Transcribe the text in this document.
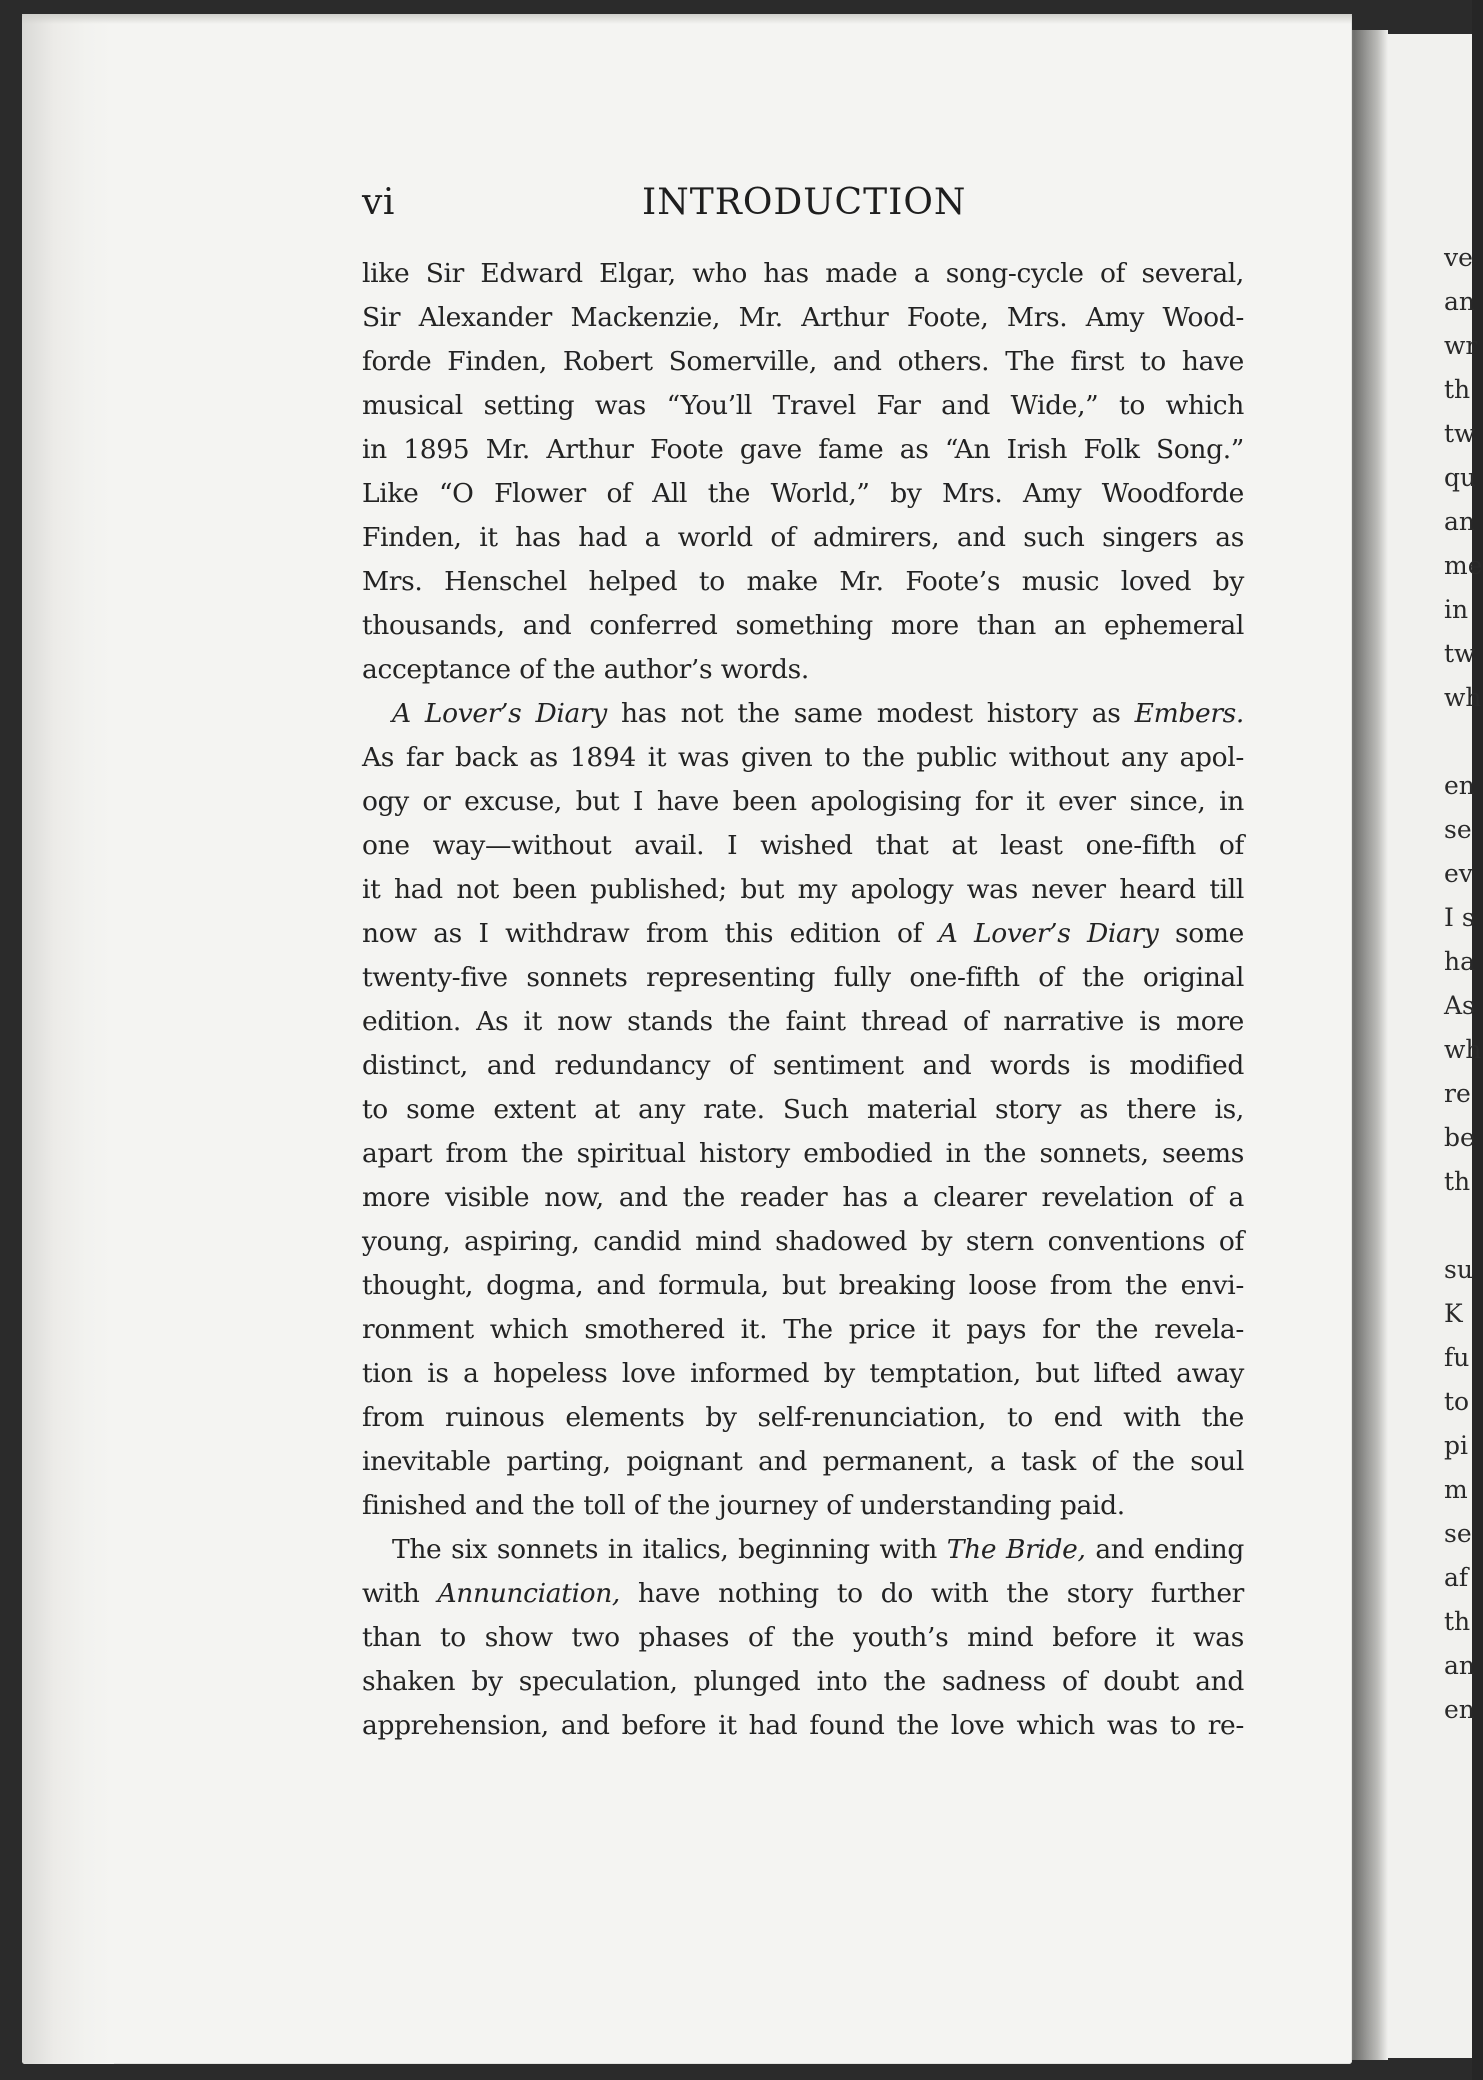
vi	INTRODUCTION
like Sir Edward Elgar, who has made a song-cycle of several,
Sir Alexander Mackenzie, Mr. Arthur Foote, Mrs. Amy Wood-
forde Finden, Robert Somerville, and others. The first to have
musical setting was “You’ll Travel Far and Wide,” to which
in 1895 Mr. Arthur Foote gave fame as “An Irish Folk Song.”
Like “O Flower of All the World,” by Mrs. Amy Woodforde
Finden, it has had a world of admirers, and such singers as
Mrs. Henschel helped to make Mr. Foote’s music loved by
thousands, and conferred something more than an ephemeral
acceptance of the author’s words.
A Lover’s Diary has not the same modest history as Embers.
As far back as 1894 it was given to the public without any apol-
ogy or excuse, but I have been apologising for it ever since, in
one way—without avail. I wished that at least one-fifth of
it had not been published; but my apology was never heard till
now as I withdraw from this edition of A Lover’s Diary some
twenty-five sonnets representing fully one-fifth of the original
edition. As it now stands the faint thread of narrative is more
distinct, and redundancy of sentiment and words is modified
to some extent at any rate. Such material story as there is,
apart from the spiritual history embodied in the sonnets, seems
more visible now, and the reader has a clearer revelation of a
young, aspiring, candid mind shadowed by stern conventions of
thought, dogma, and formula, but breaking loose from the envi-
ronment which smothered it. The price it pays for the revela-
tion is a hopeless love informed by temptation, but lifted away
from ruinous elements by self-renunciation, to end with the
inevitable parting, poignant and permanent, a task of the soul
finished and the toll of the journey of understanding paid.
The six sonnets in italics, beginning with The Bride, and ending
with Annunciation, have nothing to do with the story further
than to show two phases of the youth’s mind before it was
shaken by speculation, plunged into the sadness of doubt and
apprehension, and before it had found the love which was to re-
ve
an
wr
th
tw
qu
an
me
in
tw
wh
en
se
ev
I s
ha
As
wh
re
be
th
su
K
fu
to
pi
m
se
af
th
an
en
